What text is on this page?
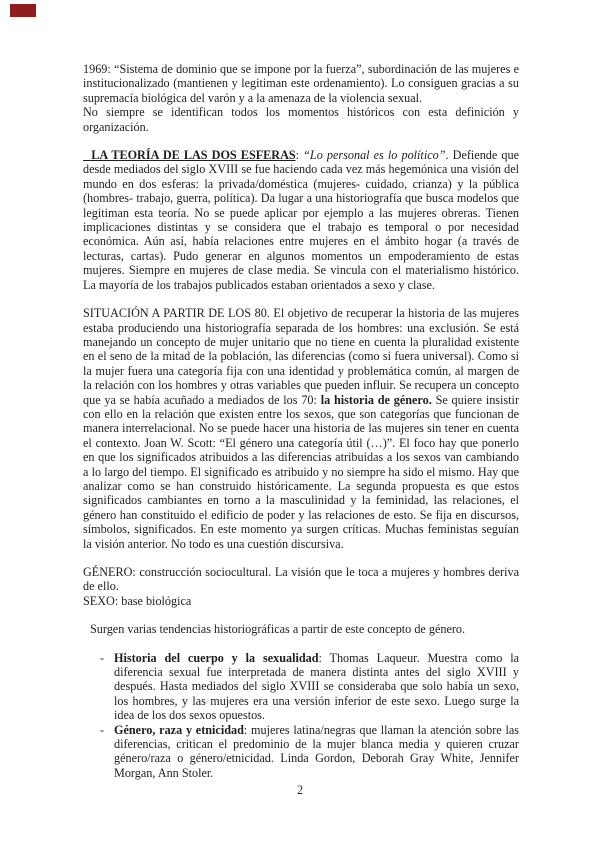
1969: “Sistema de dominio que se impone por la fuerza”, subordinación de las mujeres e institucionalizado (mantienen y legitiman este ordenamiento). Lo consiguen gracias a su supremacía biológica del varón y a la amenaza de la violencia sexual.

No siempre se identifican todos los momentos históricos con esta definición y organización.

LA TEORÍA DE LAS DOS ESFERAS: “Lo personal es lo político”. Defiende que desde mediados del siglo XVIII se fue haciendo cada vez más hegemónica una visión del mundo en dos esferas: la privada/doméstica (mujeres- cuidado, crianza) y la pública (hombres- trabajo, guerra, política). Da lugar a una historiografía que busca modelos que legitiman esta teoría. No se puede aplicar por ejemplo a las mujeres obreras. Tienen implicaciones distintas y se considera que el trabajo es temporal o por necesidad económica. Aún así, había relaciones entre mujeres en el ámbito hogar (a través de lecturas, cartas). Pudo generar en algunos momentos un empoderamiento de estas mujeres. Siempre en mujeres de clase media. Se vincula con el materialismo histórico. La mayoría de los trabajos publicados estaban orientados a sexo y clase.

SITUACIÓN A PARTIR DE LOS 80. El objetivo de recuperar la historia de las mujeres estaba produciendo una historiografía separada de los hombres: una exclusión. Se está manejando un concepto de mujer unitario que no tiene en cuenta la pluralidad existente en el seno de la mitad de la población, las diferencias (como si fuera universal). Como si la mujer fuera una categoría fija con una identidad y problemática común, al margen de la relación con los hombres y otras variables que pueden influir. Se recupera un concepto que ya se había acuñado a mediados de los 70: la historia de género. Se quiere insistir con ello en la relación que existen entre los sexos, que son categorías que funcionan de manera interrelacional. No se puede hacer una historia de las mujeres sin tener en cuenta el contexto. Joan W. Scott: “El género una categoría útil (…)”. El foco hay que ponerlo en que los significados atribuidos a las diferencias atribuidas a los sexos van cambiando a lo largo del tiempo. El significado es atribuido y no siempre ha sido el mismo. Hay que analizar como se han construido históricamente. La segunda propuesta es que estos significados cambiantes en torno a la masculinidad y la feminidad, las relaciones, el género han constituido el edificio de poder y las relaciones de esto. Se fija en discursos, símbolos, significados. En este momento ya surgen críticas. Muchas feministas seguían la visión anterior. No todo es una cuestión discursiva.

GÉNERO: construcción sociocultural. La visión que le toca a mujeres y hombres deriva de ello.

SEXO: base biológica

Surgen varias tendencias historiográficas a partir de este concepto de género.

- Historia del cuerpo y la sexualidad: Thomas Laqueur. Muestra como la diferencia sexual fue interpretada de manera distinta antes del siglo XVIII y después. Hasta mediados del siglo XVIII se consideraba que solo había un sexo, los hombres, y las mujeres era una versión inferior de este sexo. Luego surge la idea de los dos sexos opuestos.

- Género, raza y etnicidad: mujeres latina/negras que llaman la atención sobre las diferencias, critican el predominio de la mujer blanca media y quieren cruzar género/raza o género/etnicidad. Linda Gordon, Deborah Gray White, Jennifer Morgan, Ann Stoler.

2
